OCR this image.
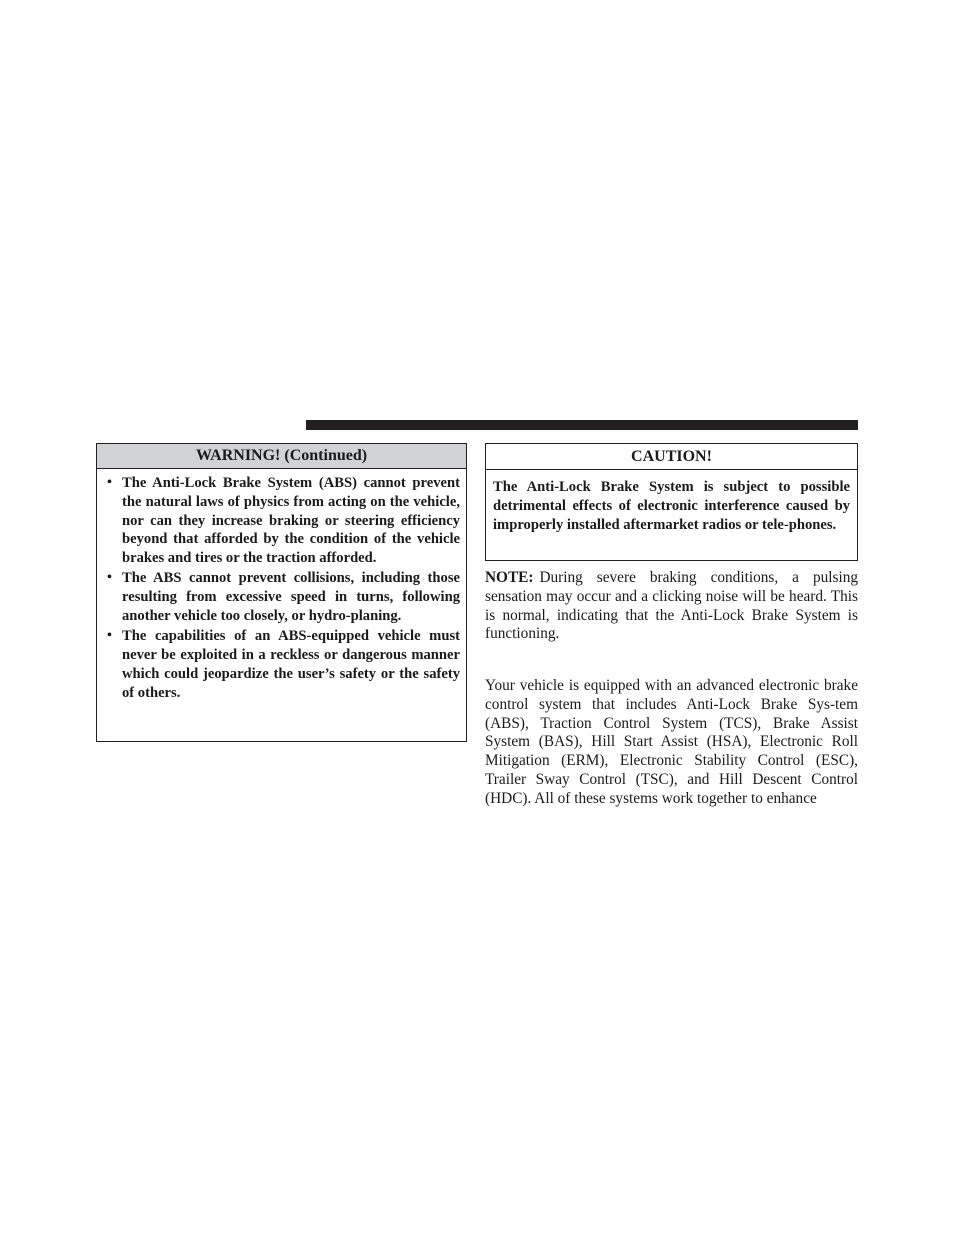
WARNING! (Continued)
• The Anti-Lock Brake System (ABS) cannot prevent the natural laws of physics from acting on the vehicle, nor can they increase braking or steering efficiency beyond that afforded by the condition of the vehicle brakes and tires or the traction afforded.
• The ABS cannot prevent collisions, including those resulting from excessive speed in turns, following another vehicle too closely, or hydro-planing.
• The capabilities of an ABS-equipped vehicle must never be exploited in a reckless or dangerous manner which could jeopardize the user’s safety or the safety of others.
CAUTION!
The Anti-Lock Brake System is subject to possible detrimental effects of electronic interference caused by improperly installed aftermarket radios or tele-phones.
NOTE: During severe braking conditions, a pulsing sensation may occur and a clicking noise will be heard. This is normal, indicating that the Anti-Lock Brake System is functioning.
Your vehicle is equipped with an advanced electronic brake control system that includes Anti-Lock Brake Sys-tem (ABS), Traction Control System (TCS), Brake Assist System (BAS), Hill Start Assist (HSA), Electronic Roll Mitigation (ERM), Electronic Stability Control (ESC), Trailer Sway Control (TSC), and Hill Descent Control (HDC). All of these systems work together to enhance
